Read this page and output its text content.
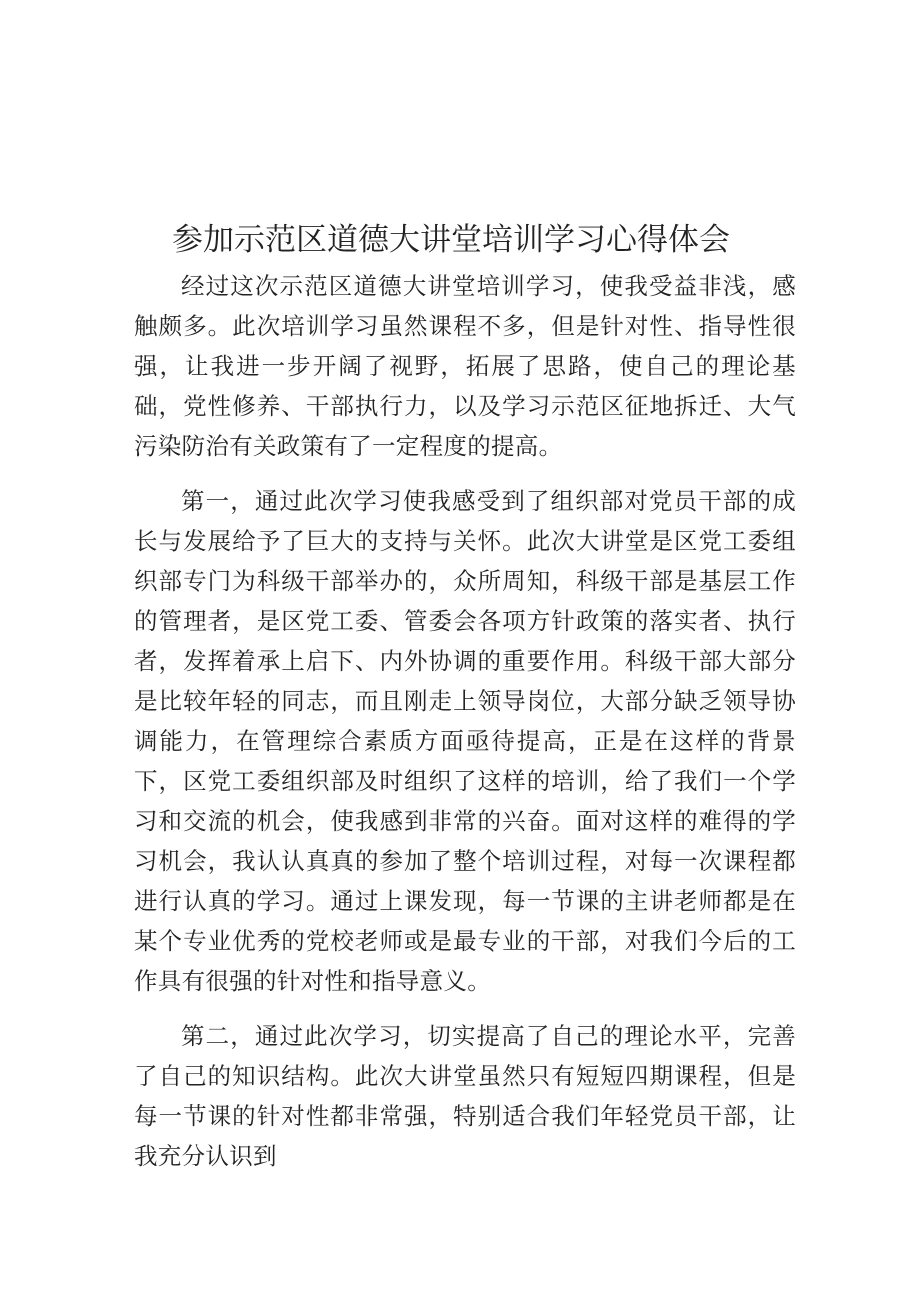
参加示范区道德大讲堂培训学习心得体会

经过这次示范区道德大讲堂培训学习，使我受益非浅，感触颇多。此次培训学习虽然课程不多，但是针对性、指导性很强，让我进一步开阔了视野，拓展了思路，使自己的理论基础，党性修养、干部执行力，以及学习示范区征地拆迁、大气污染防治有关政策有了一定程度的提高。

第一，通过此次学习使我感受到了组织部对党员干部的成长与发展给予了巨大的支持与关怀。此次大讲堂是区党工委组织部专门为科级干部举办的，众所周知，科级干部是基层工作的管理者，是区党工委、管委会各项方针政策的落实者、执行者，发挥着承上启下、内外协调的重要作用。科级干部大部分是比较年轻的同志，而且刚走上领导岗位，大部分缺乏领导协调能力，在管理综合素质方面亟待提高，正是在这样的背景下，区党工委组织部及时组织了这样的培训，给了我们一个学习和交流的机会，使我感到非常的兴奋。面对这样的难得的学习机会，我认认真真的参加了整个培训过程，对每一次课程都进行认真的学习。通过上课发现，每一节课的主讲老师都是在某个专业优秀的党校老师或是最专业的干部，对我们今后的工作具有很强的针对性和指导意义。

第二，通过此次学习，切实提高了自己的理论水平，完善了自己的知识结构。此次大讲堂虽然只有短短四期课程，但是每一节课的针对性都非常强，特别适合我们年轻党员干部，让我充分认识到
